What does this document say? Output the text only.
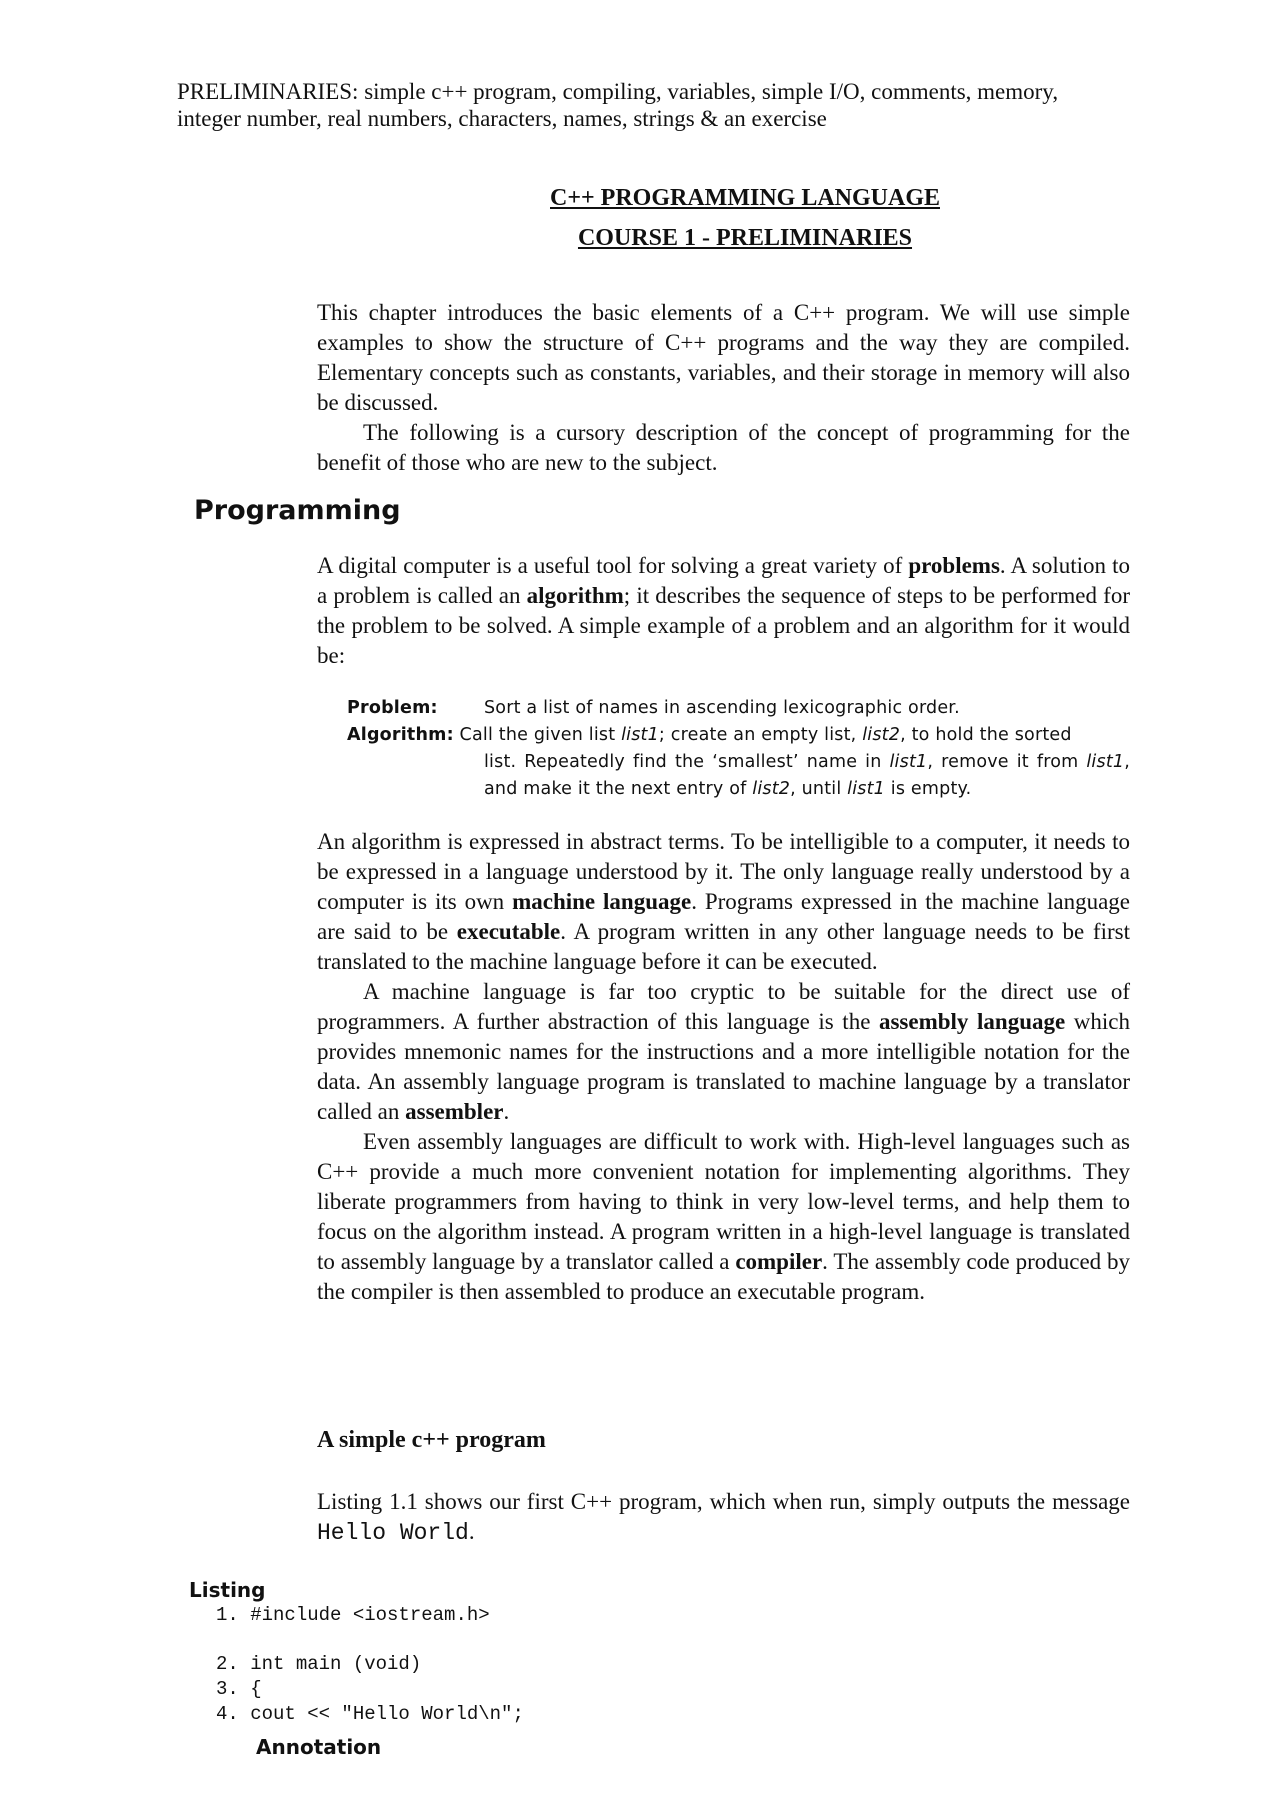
PRELIMINARIES: simple c++ program, compiling, variables, simple I/O, comments, memory,
integer number, real numbers, characters, names, strings & an exercise
C++ PROGRAMMING LANGUAGE
COURSE 1 - PRELIMINARIES

This chapter introduces the basic elements of a C++ program. We will use simple examples to show the structure of C++ programs and the way they are compiled. Elementary concepts such as constants, variables, and their storage in memory will also be discussed.

The following is a cursory description of the concept of programming for the benefit of those who are new to the subject.

Programming

A digital computer is a useful tool for solving a great variety of problems. A solution to a problem is called an algorithm; it describes the sequence of steps to be performed for the problem to be solved. A simple example of a problem and an algorithm for it would be:

Problem:	Sort a list of names in ascending lexicographic order.
Algorithm: Call the given list list1; create an empty list, list2, to hold the sorted
list. Repeatedly find the ‘smallest’ name in list1, remove it from list1, and make it the next entry of list2, until list1 is empty.

An algorithm is expressed in abstract terms. To be intelligible to a computer, it needs to be expressed in a language understood by it. The only language really understood by a computer is its own machine language. Programs expressed in the machine language are said to be executable. A program written in any other language needs to be first translated to the machine language before it can be executed.

A machine language is far too cryptic to be suitable for the direct use of programmers. A further abstraction of this language is the assembly language which provides mnemonic names for the instructions and a more intelligible notation for the data. An assembly language program is translated to machine language by a translator called an assembler.

Even assembly languages are difficult to work with. High-level languages such as C++ provide a much more convenient notation for implementing algorithms. They liberate programmers from having to think in very low-level terms, and help them to focus on the algorithm instead. A program written in a high-level language is translated to assembly language by a translator called a compiler. The assembly code produced by the compiler is then assembled to produce an executable program.

A simple c++ program

Listing 1.1 shows our first C++ program, which when run, simply outputs the message Hello World.

Listing
1. #include <iostream.h>
2. int main (void)
3. {
4. cout << "Hello World\n";
Annotation
